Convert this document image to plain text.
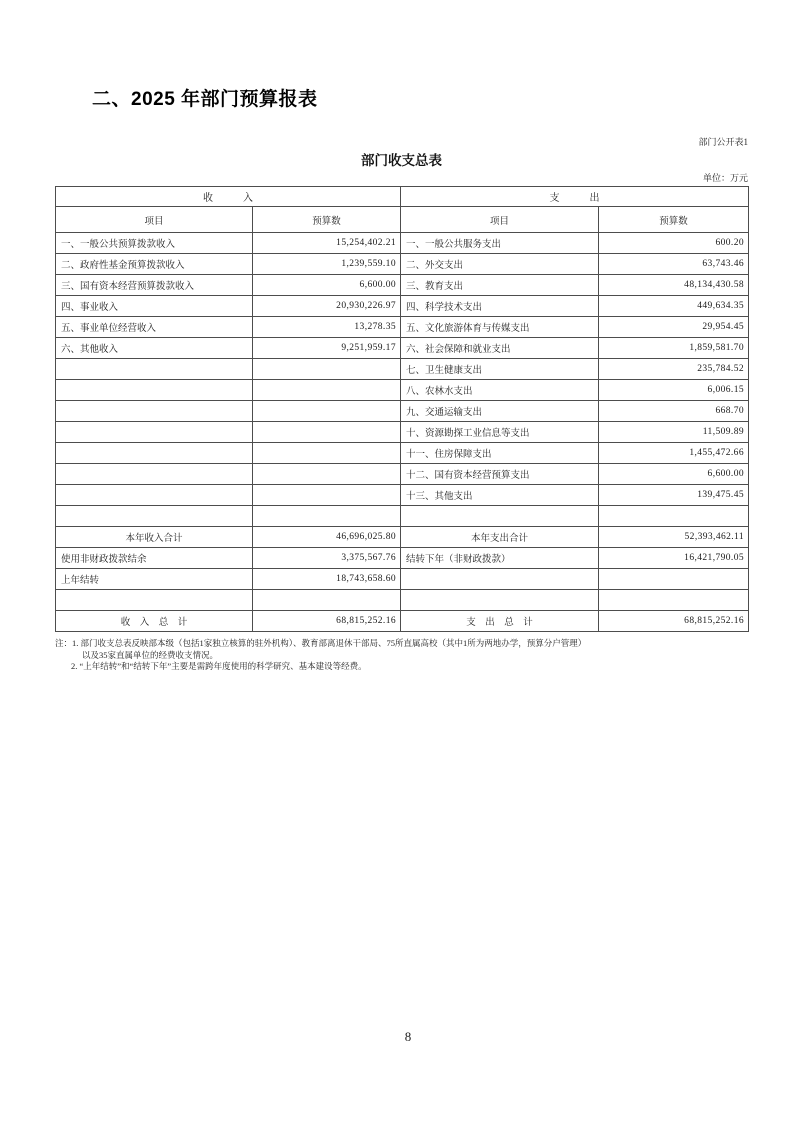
二、2025 年部门预算报表
部门公开表1
部门收支总表
单位：万元
收　　　入		支　　　出	
项目	预算数	项目	预算数
一、一般公共预算拨款收入	15,254,402.21	一、一般公共服务支出	600.20
二、政府性基金预算拨款收入	1,239,559.10	二、外交支出	63,743.46
三、国有资本经营预算拨款收入	6,600.00	三、教育支出	48,134,430.58
四、事业收入	20,930,226.97	四、科学技术支出	449,634.35
五、事业单位经营收入	13,278.35	五、文化旅游体育与传媒支出	29,954.45
六、其他收入	9,251,959.17	六、社会保障和就业支出	1,859,581.70
		七、卫生健康支出	235,784.52
		八、农林水支出	6,006.15
		九、交通运输支出	668.70
		十、资源勘探工业信息等支出	11,509.89
		十一、住房保障支出	1,455,472.66
		十二、国有资本经营预算支出	6,600.00
		十三、其他支出	139,475.45

本年收入合计	46,696,025.80	本年支出合计	52,393,462.11
使用非财政拨款结余	3,375,567.76	结转下年（非财政拨款）	16,421,790.05
上年结转	18,743,658.60		

收　入　总　计	68,815,252.16	支　出　总　计	68,815,252.16
注：1. 部门收支总表反映部本级（包括1家独立核算的驻外机构）、教育部离退休干部局、75所直属高校（其中1所为两地办学，预算分户管理）
以及35家直属单位的经费收支情况。
2. “上年结转”和“结转下年”主要是需跨年度使用的科学研究、基本建设等经费。
8
